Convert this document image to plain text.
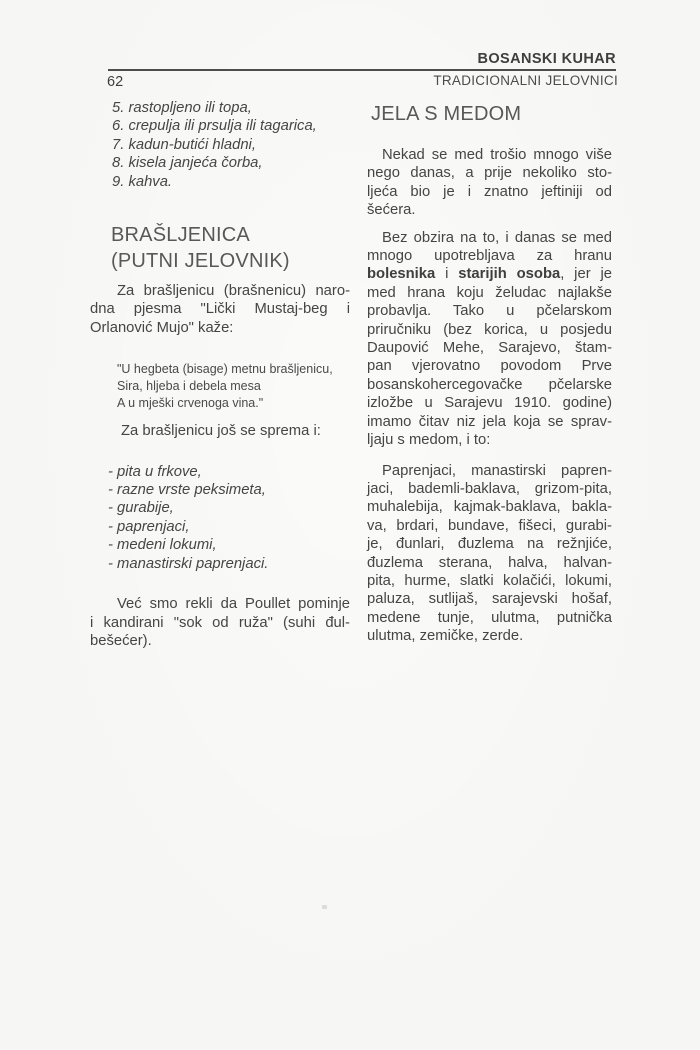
BOSANSKI KUHAR
62	TRADICIONALNI JELOVNICI
5. rastopljeno ili topa,
6. crepulja ili prsulja ili tagarica,
7. kadun-butići hladni,
8. kisela janjeća čorba,
9. kahva.
BRAŠLJENICA
(PUTNI JELOVNIK)
Za brašljenicu (brašnenicu) naro-
dna pjesma "Lički Mustaj-beg i
Orlanović Mujo" kaže:
"U hegbeta (bisage) metnu brašljenicu,
Sira, hljeba i debela mesa
A u mješki crvenoga vina."
Za brašljenicu još se sprema i:
- pita u frkove,
- razne vrste peksimeta,
- gurabije,
- paprenjaci,
- medeni lokumi,
- manastirski paprenjaci.
Već smo rekli da Poullet pominje
i kandirani "sok od ruža" (suhi đul-
bešećer).
JELA S MEDOM
Nekad se med trošio mnogo više
nego danas, a prije nekoliko sto-
ljeća bio je i znatno jeftiniji od
šećera.
Bez obzira na to, i danas se med
mnogo upotrebljava za hranu
bolesnika i starijih osoba, jer je
med hrana koju želudac najlakše
probavlja. Tako u pčelarskom
priručniku (bez korica, u posjedu
Daupović Mehe, Sarajevo, štam-
pan vjerovatno povodom Prve
bosanskohercegovačke pčelarske
izložbe u Sarajevu 1910. godine)
imamo čitav niz jela koja se sprav-
ljaju s medom, i to:
Paprenjaci, manastirski papren-
jaci, bademli-baklava, grizom-pita,
muhalebija, kajmak-baklava, bakla-
va, brdari, bundave, fišeci, gurabi-
je, đunlari, đuzlema na režnjiće,
đuzlema sterana, halva, halvan-
pita, hurme, slatki kolačići, lokumi,
paluza, sutlijaš, sarajevski hošaf,
medene tunje, ulutma, putnička
ulutma, zemičke, zerde.
